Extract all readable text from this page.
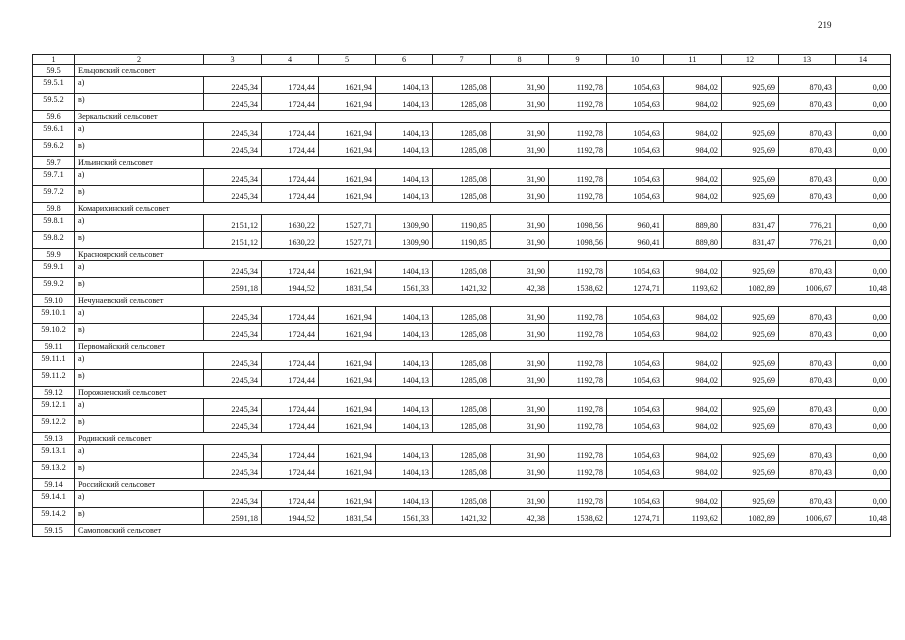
219
1	2	3	4	5	6	7	8	9	10	11	12	13	14
59.5	Ельцовский сельсовет												
59.5.1	а)	2245,34	1724,44	1621,94	1404,13	1285,08	31,90	1192,78	1054,63	984,02	925,69	870,43	0,00
59.5.2	в)	2245,34	1724,44	1621,94	1404,13	1285,08	31,90	1192,78	1054,63	984,02	925,69	870,43	0,00
59.6	Зеркальский сельсовет												
59.6.1	а)	2245,34	1724,44	1621,94	1404,13	1285,08	31,90	1192,78	1054,63	984,02	925,69	870,43	0,00
59.6.2	в)	2245,34	1724,44	1621,94	1404,13	1285,08	31,90	1192,78	1054,63	984,02	925,69	870,43	0,00
59.7	Ильинский сельсовет												
59.7.1	а)	2245,34	1724,44	1621,94	1404,13	1285,08	31,90	1192,78	1054,63	984,02	925,69	870,43	0,00
59.7.2	в)	2245,34	1724,44	1621,94	1404,13	1285,08	31,90	1192,78	1054,63	984,02	925,69	870,43	0,00
59.8	Комарихинский сельсовет												
59.8.1	а)	2151,12	1630,22	1527,71	1309,90	1190,85	31,90	1098,56	960,41	889,80	831,47	776,21	0,00
59.8.2	в)	2151,12	1630,22	1527,71	1309,90	1190,85	31,90	1098,56	960,41	889,80	831,47	776,21	0,00
59.9	Красноярский сельсовет												
59.9.1	а)	2245,34	1724,44	1621,94	1404,13	1285,08	31,90	1192,78	1054,63	984,02	925,69	870,43	0,00
59.9.2	в)	2591,18	1944,52	1831,54	1561,33	1421,32	42,38	1538,62	1274,71	1193,62	1082,89	1006,67	10,48
59.10	Нечунаевский сельсовет												
59.10.1	а)	2245,34	1724,44	1621,94	1404,13	1285,08	31,90	1192,78	1054,63	984,02	925,69	870,43	0,00
59.10.2	в)	2245,34	1724,44	1621,94	1404,13	1285,08	31,90	1192,78	1054,63	984,02	925,69	870,43	0,00
59.11	Первомайский сельсовет												
59.11.1	а)	2245,34	1724,44	1621,94	1404,13	1285,08	31,90	1192,78	1054,63	984,02	925,69	870,43	0,00
59.11.2	в)	2245,34	1724,44	1621,94	1404,13	1285,08	31,90	1192,78	1054,63	984,02	925,69	870,43	0,00
59.12	Порожненский сельсовет												
59.12.1	а)	2245,34	1724,44	1621,94	1404,13	1285,08	31,90	1192,78	1054,63	984,02	925,69	870,43	0,00
59.12.2	в)	2245,34	1724,44	1621,94	1404,13	1285,08	31,90	1192,78	1054,63	984,02	925,69	870,43	0,00
59.13	Родинский сельсовет												
59.13.1	а)	2245,34	1724,44	1621,94	1404,13	1285,08	31,90	1192,78	1054,63	984,02	925,69	870,43	0,00
59.13.2	в)	2245,34	1724,44	1621,94	1404,13	1285,08	31,90	1192,78	1054,63	984,02	925,69	870,43	0,00
59.14	Российский сельсовет												
59.14.1	а)	2245,34	1724,44	1621,94	1404,13	1285,08	31,90	1192,78	1054,63	984,02	925,69	870,43	0,00
59.14.2	в)	2591,18	1944,52	1831,54	1561,33	1421,32	42,38	1538,62	1274,71	1193,62	1082,89	1006,67	10,48
59.15	Самоповский сельсовет												
